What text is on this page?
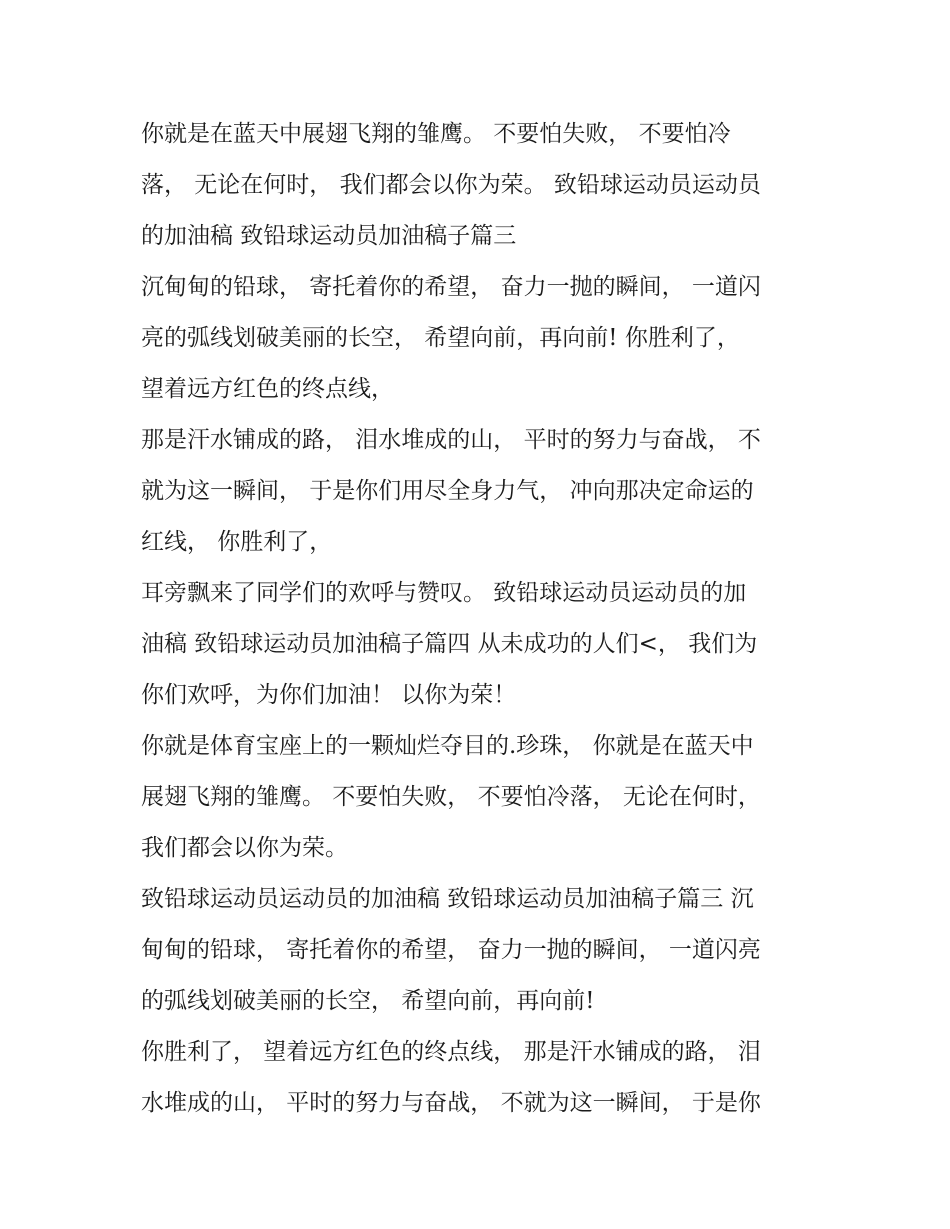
你就是在蓝天中展翅飞翔的雏鹰。 不要怕失败， 不要怕冷
落， 无论在何时， 我们都会以你为荣。 致铅球运动员运动员
的加油稿 致铅球运动员加油稿子篇三
沉甸甸的铅球， 寄托着你的希望， 奋力一抛的瞬间， 一道闪
亮的弧线划破美丽的长空， 希望向前，再向前! 你胜利了，
望着远方红色的终点线，
那是汗水铺成的路， 泪水堆成的山， 平时的努力与奋战， 不
就为这一瞬间， 于是你们用尽全身力气， 冲向那决定命运的
红线， 你胜利了，
耳旁飘来了同学们的欢呼与赞叹。 致铅球运动员运动员的加
油稿 致铅球运动员加油稿子篇四 从未成功的人们<， 我们为
你们欢呼，为你们加油！ 以你为荣！
你就是体育宝座上的一颗灿烂夺目的.珍珠， 你就是在蓝天中
展翅飞翔的雏鹰。 不要怕失败， 不要怕冷落， 无论在何时，
我们都会以你为荣。
致铅球运动员运动员的加油稿 致铅球运动员加油稿子篇三 沉
甸甸的铅球， 寄托着你的希望， 奋力一抛的瞬间， 一道闪亮
的弧线划破美丽的长空， 希望向前，再向前!
你胜利了， 望着远方红色的终点线， 那是汗水铺成的路， 泪
水堆成的山， 平时的努力与奋战， 不就为这一瞬间， 于是你
